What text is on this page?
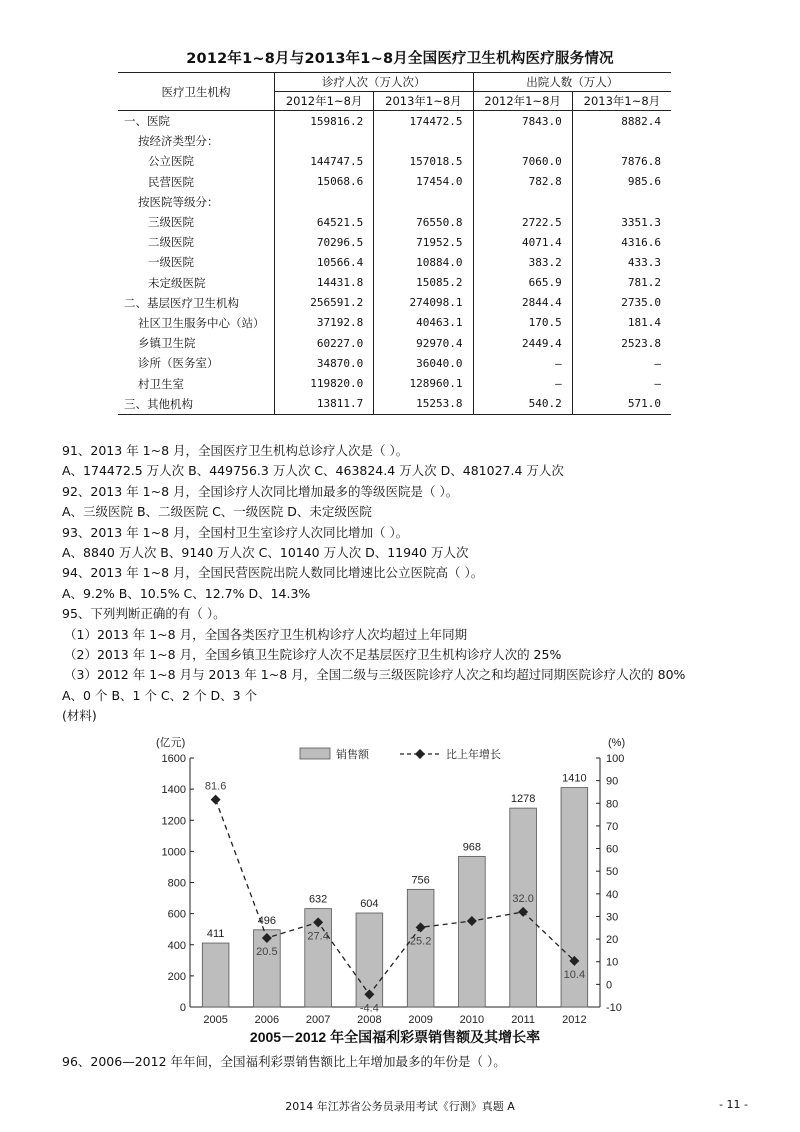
2012年1~8月与2013年1~8月全国医疗卫生机构医疗服务情况
医疗卫生机构	诊疗人次（万人次）		出院人数（万人）	
	2012年1~8月	2013年1~8月	2012年1~8月	2013年1~8月
一、医院	159816.2	174472.5	7843.0	8882.4
按经济类型分：				
公立医院	144747.5	157018.5	7060.0	7876.8
民营医院	15068.6	17454.0	782.8	985.6
按医院等级分：				
三级医院	64521.5	76550.8	2722.5	3351.3
二级医院	70296.5	71952.5	4071.4	4316.6
一级医院	10566.4	10884.0	383.2	433.3
未定级医院	14431.8	15085.2	665.9	781.2
二、基层医疗卫生机构	256591.2	274098.1	2844.4	2735.0
社区卫生服务中心（站）	37192.8	40463.1	170.5	181.4
乡镇卫生院	60227.0	92970.4	2449.4	2523.8
诊所（医务室）	34870.0	36040.0	—	—
村卫生室	119820.0	128960.1	—	—
三、其他机构	13811.7	15253.8	540.2	571.0
91、2013 年 1~8 月，全国医疗卫生机构总诊疗人次是（ ）。
A、174472.5 万人次 B、449756.3 万人次 C、463824.4 万人次 D、481027.4 万人次
92、2013 年 1~8 月，全国诊疗人次同比增加最多的等级医院是（ ）。
A、三级医院 B、二级医院 C、一级医院 D、未定级医院
93、2013 年 1~8 月，全国村卫生室诊疗人次同比增加（ ）。
A、8840 万人次 B、9140 万人次 C、10140 万人次 D、11940 万人次
94、2013 年 1~8 月，全国民营医院出院人数同比增速比公立医院高（ ）。
A、9.2% B、10.5% C、12.7% D、14.3%
95、下列判断正确的有（ ）。
（1）2013 年 1~8 月，全国各类医疗卫生机构诊疗人次均超过上年同期
（2）2013 年 1~8 月，全国乡镇卫生院诊疗人次不足基层医疗卫生机构诊疗人次的 25%
（3）2012 年 1~8 月与 2013 年 1~8 月，全国二级与三级医院诊疗人次之和均超过同期医院诊疗人次的 80%
A、0 个 B、1 个 C、2 个 D、3 个
(材料)
0
200
400
600
800
1000
1200
1400
1600
-10
0
10
20
30
40
50
60
70
80
90
100
(亿元)	(%)
411
496
632	604
756
968
1278
1410
2005 2006 2007 2008 2009 2010 2011 2012
81.6
20.5
27.4
-4.4
25.2
32.0
10.4
销售额	比上年增长
2005－2012 年全国福利彩票销售额及其增长率
96、2006—2012 年年间，全国福利彩票销售额比上年增加最多的年份是（ ）。
2014 年江苏省公务员录用考试《行测》真题 A	- 11 -
